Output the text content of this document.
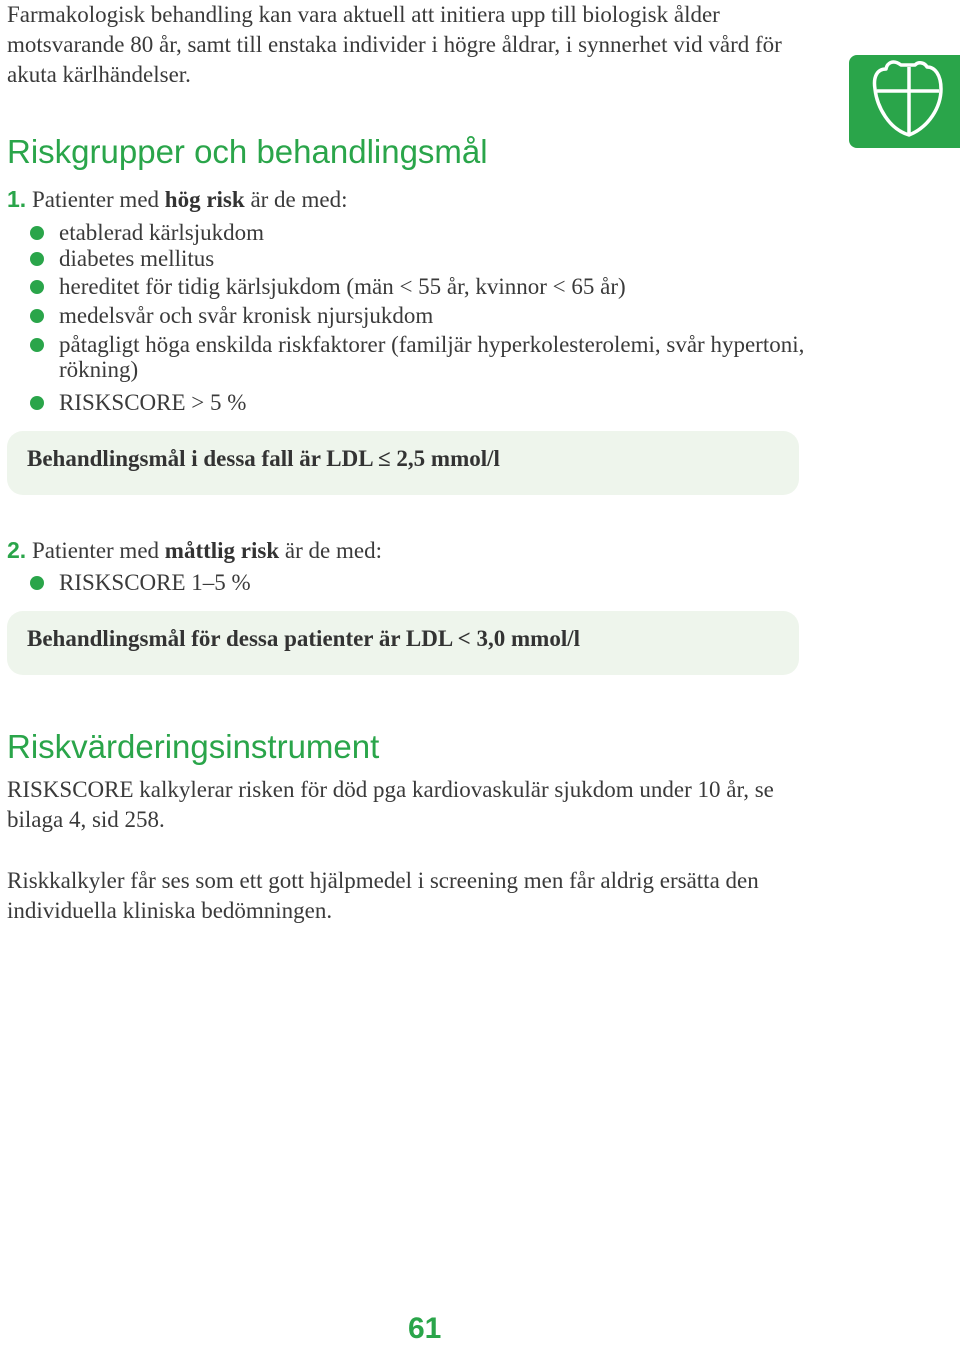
Farmakologisk behandling kan vara aktuell att initiera upp till biologisk ålder motsvarande 80 år, samt till enstaka individer i högre åldrar, i synnerhet vid vård för akuta kärlhändelser.

Riskgrupper och behandlingsmål
1. Patienter med hög risk är de med:
etablerad kärlsjukdom
diabetes mellitus
hereditet för tidig kärlsjukdom (män < 55 år, kvinnor < 65 år)
medelsvår och svår kronisk njursjukdom
påtagligt höga enskilda riskfaktorer (familjär hyperkolesterolemi, svår hypertoni, rökning)
RISKSCORE > 5 %
Behandlingsmål i dessa fall är LDL ≤ 2,5 mmol/l
2. Patienter med måttlig risk är de med:
RISKSCORE 1–5 %
Behandlingsmål för dessa patienter är LDL < 3,0 mmol/l
Riskvärderingsinstrument

RISKSCORE kalkylerar risken för död pga kardiovaskulär sjukdom under 10 år, se bilaga 4, sid 258.

Riskkalkyler får ses som ett gott hjälpmedel i screening men får aldrig ersätta den individuella kliniska bedömningen.

61
